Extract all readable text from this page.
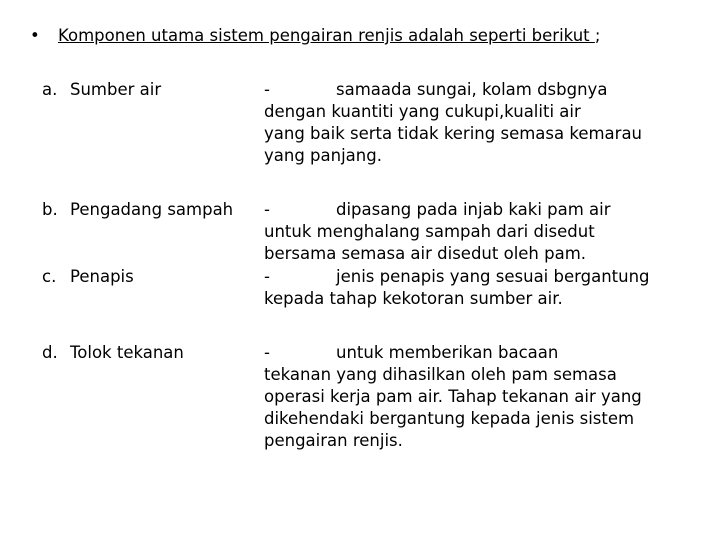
• Komponen utama sistem pengairan renjis adalah seperti berikut ;
a. Sumber air	-	samaada sungai, kolam dsbgnya
dengan kuantiti yang cukupi,kualiti air
yang baik serta tidak kering semasa kemarau
yang panjang.
b. Pengadang sampah -	dipasang pada injab kaki pam air
untuk menghalang sampah dari disedut
bersama semasa air disedut oleh pam.
c. Penapis	-	jenis penapis yang sesuai bergantung
kepada tahap kekotoran sumber air.
d. Tolok tekanan	-	untuk memberikan bacaan
tekanan yang dihasilkan oleh pam semasa
operasi kerja pam air. Tahap tekanan air yang
dikehendaki bergantung kepada jenis sistem
pengairan renjis.
